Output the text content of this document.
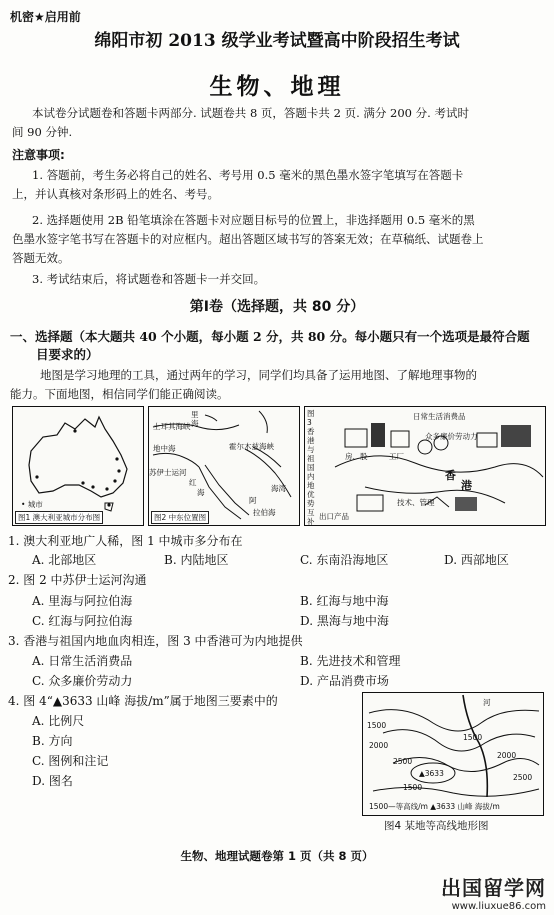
机密★启用前
绵阳市初 2013 级学业考试暨高中阶段招生考试
生物、地理
本试卷分试题卷和答题卡两部分. 试题卷共 8 页，答题卡共 2 页. 满分 200 分. 考试时
间 90 分钟.
注意事项:
1. 答题前，考生务必将自己的姓名、考号用 0.5 毫米的黑色墨水签字笔填写在答题卡
上，并认真核对条形码上的姓名、考号。
2. 选择题使用 2B 铅笔填涂在答题卡对应题目标号的位置上，非选择题用 0.5 毫米的黑
色墨水签字笔书写在答题卡的对应框内。超出答题区域书写的答案无效；在草稿纸、试题卷上
答题无效。
3. 考试结束后，将试题卷和答题卡一并交回。
第Ⅰ卷（选择题，共 80 分）
一、选择题（本大题共 40 个小题，每小题 2 分，共 80 分。每小题只有一个选项是最符合题
目要求的）
地图是学习地理的工具，通过两年的学习，同学们均具备了运用地图、了解地理事物的
能力。下面地图，相信同学们能正确阅读。
• 城市
图1 澳大利亚城市分布图
里
海
土耳其海峡
地中海
苏伊士运河
红
海
霍尔木兹海峡
海湾
阿
拉伯海
图2 中东位置图
图3 香港与祖国内地优势互补
日常生活消费品
众多廉价劳动力
房、股	工厂
香
港
技术、管理
出口产品
1. 澳大利亚地广人稀，图 1 中城市多分布在
A. 北部地区	B. 内陆地区	C. 东南沿海地区	D. 西部地区
2. 图 2 中苏伊士运河沟通
A. 里海与阿拉伯海	B. 红海与地中海
C. 红海与阿拉伯海	D. 黑海与地中海
3. 香港与祖国内地血肉相连，图 3 中香港可为内地提供
A. 日常生活消费品	B. 先进技术和管理
C. 众多廉价劳动力	D. 产品消费市场
4. 图 4“▲3633 山峰 海拔/m”属于地图三要素中的
A. 比例尺
B. 方向
C. 图例和注记
D. 图名
河
1500
2000
2500
1500
2000
2500
▲3633
1500
1500—等高线/m ▲3633 山峰 海拔/m
图4 某地等高线地形图
生物、地理试题卷第 1 页（共 8 页）
出国留学网
www.liuxue86.com
